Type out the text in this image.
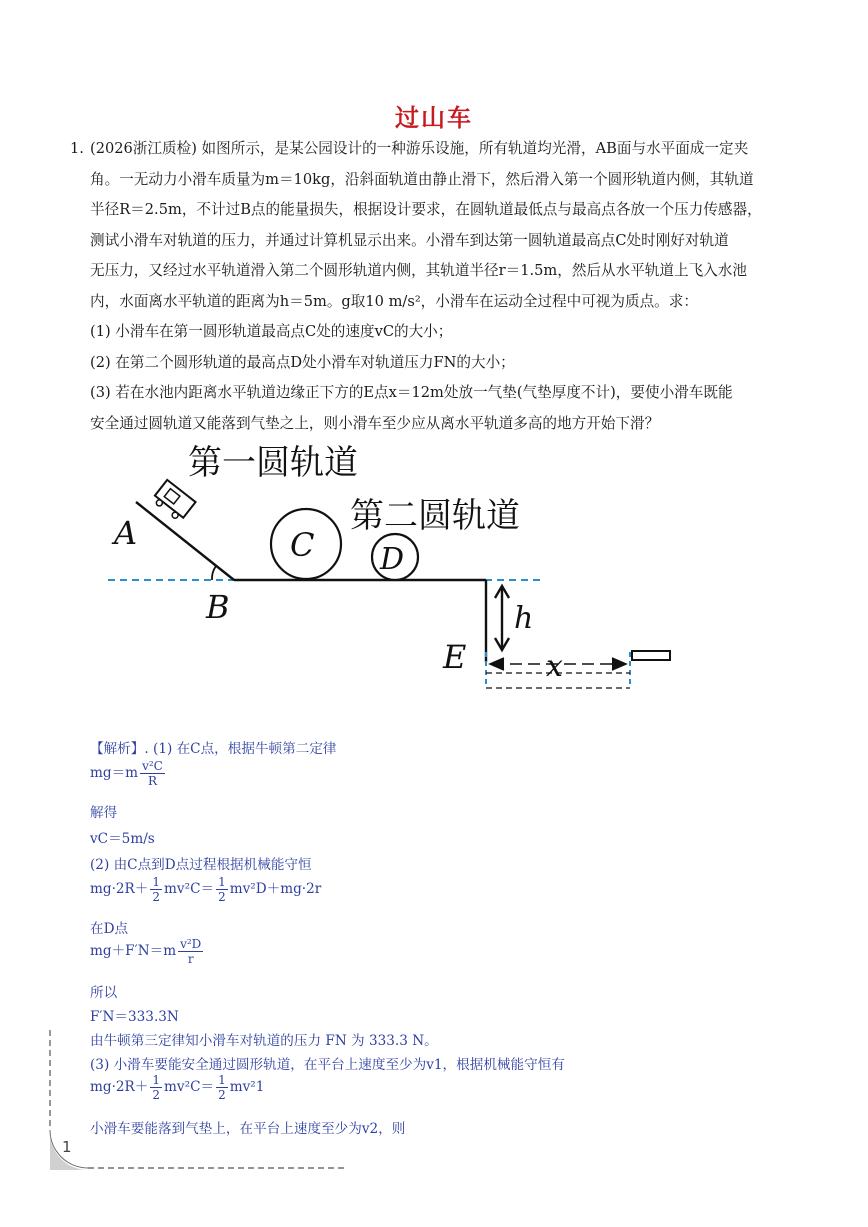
过山车

1. (2026浙江质检) 如图所示，是某公园设计的一种游乐设施，所有轨道均光滑，AB面与水平面成一定夹

角。一无动力小滑车质量为m＝10kg，沿斜面轨道由静止滑下，然后滑入第一个圆形轨道内侧，其轨道

半径R＝2.5m，不计过B点的能量损失，根据设计要求，在圆轨道最低点与最高点各放一个压力传感器，

测试小滑车对轨道的压力，并通过计算机显示出来。小滑车到达第一圆轨道最高点C处时刚好对轨道

无压力，又经过水平轨道滑入第二个圆形轨道内侧，其轨道半径r＝1.5m，然后从水平轨道上飞入水池

内，水面离水平轨道的距离为h＝5m。g取10 m/s²，小滑车在运动全过程中可视为质点。求：

(1) 小滑车在第一圆形轨道最高点C处的速度vC的大小；

(2) 在第二个圆形轨道的最高点D处小滑车对轨道压力FN的大小；

(3) 若在水池内距离水平轨道边缘正下方的E点x＝12m处放一气垫(气垫厚度不计)，要使小滑车既能

安全通过圆轨道又能落到气垫之上，则小滑车至少应从离水平轨道多高的地方开始下滑？

第一圆轨道
第二圆轨道
A
B
C D
E
h
x
【解析】. (1) 在C点，根据牛顿第二定律
$mg=m \frac{\text{v²C}}{R}$
解得
vC＝5m/s
(2) 由C点到D点过程根据机械能守恒
$mg\cdot 2R+ \frac{1}{2} mv^2C= \frac{1}{2} mv^2D+mg\cdot 2r$
在D点
$mg+F'N=m \frac{\text{v²D}}{r}$
所以
F′N＝333.3N
由牛顿第三定律知小滑车对轨道的压力 FN 为 333.3 N。
(3) 小滑车要能安全通过圆形轨道，在平台上速度至少为v1，根据机械能守恒有
$mg\cdot 2R+ \frac{1}{2} mv^2C= \frac{1}{2} mv^21$
小滑车要能落到气垫上，在平台上速度至少为v2，则
1
